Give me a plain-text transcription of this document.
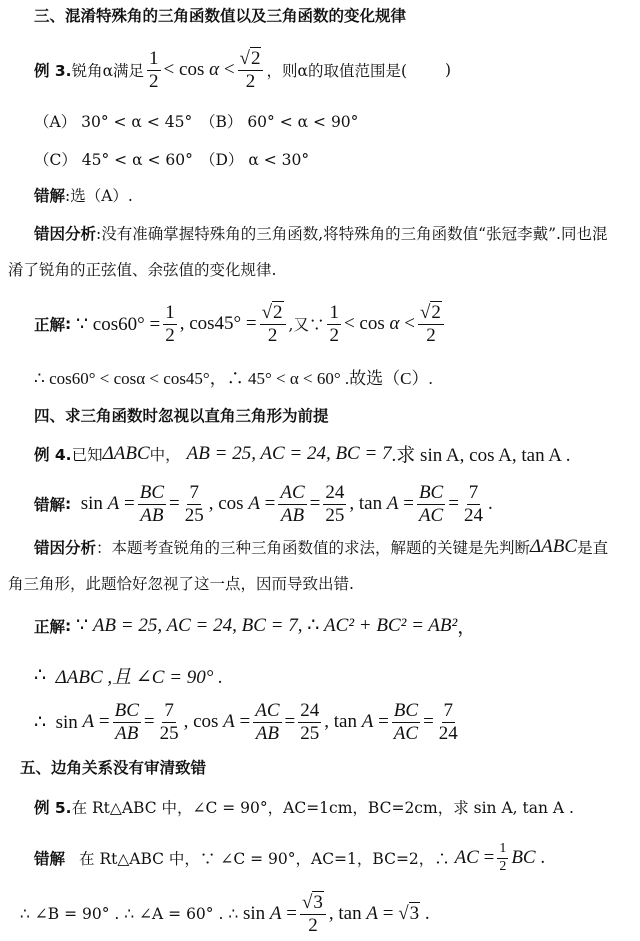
三、混淆特殊角的三角函数值以及三角函数的变化规律
例 3. 锐角α满足 $\frac{1}{2} < \cos \alpha < \frac{√2}{2}$ ，则α的取值范围是( )
（A） 30° < α < 45° （B） 60° < α < 90°
（C） 45° < α < 60° （D） α < 30°
错解 :选（A）.
错因分析 :没有准确掌握特殊角的三角函数,将特殊角的三角函数值“张冠李戴”.同也混
淆了锐角的正弦值、余弦值的变化规律.
正解 : ∵ $\cos 60^\circ = \frac{1}{2}$ , $\cos 45^\circ = \frac{√2}{2}$ ,又∵ $\frac{1}{2} < \cos \alpha < \frac{√2}{2}$
∴ cos60° < cosα < cos45°，∴ 45° < α < 60° .故选（C）.
四、求三角函数时忽视以直角三角形为前提
例 4. 已知 ΔABC 中， AB = 25, AC = 24, BC = 7 .求 sin A, cos A, tan A .
错解 : $\sin A = \frac{BC}{AB} = \frac{7}{25}$ , $\cos A = \frac{AC}{AB} = \frac{24}{25}$ , $\tan A = \frac{BC}{AC} = \frac{7}{24}$ .
错因分析 ：本题考查锐角的三种三角函数值的求法，解题的关键是先判断 ΔABC 是直
角三角形，此题恰好忽视了这一点，因而导致出错.
正解 : ∵ AB = 25, AC = 24, BC = 7 , ∴ AC² + BC² = AB² ，
∴ ΔABC ,且 ∠C = 90° .
∴  $\sin A = \frac{BC}{AB} = \frac{7}{25}$ , $\cos A = \frac{AC}{AB} = \frac{24}{25}$ , $\tan A = \frac{BC}{AC} = \frac{7}{24}$
五、边角关系没有审清致错
例 5. 在 Rt△ABC 中，∠C = 90°，AC=1cm，BC=2cm，求 sin A, tan A .
错解 在 Rt△ABC 中，∵ ∠C = 90°，AC=1，BC=2，∴ AC = $\frac{1}{2}$ BC .
∴ ∠B = 90° . ∴ ∠A = 60° . ∴ $\sin A = \frac{√3}{2}$ , tan A = √3 .
